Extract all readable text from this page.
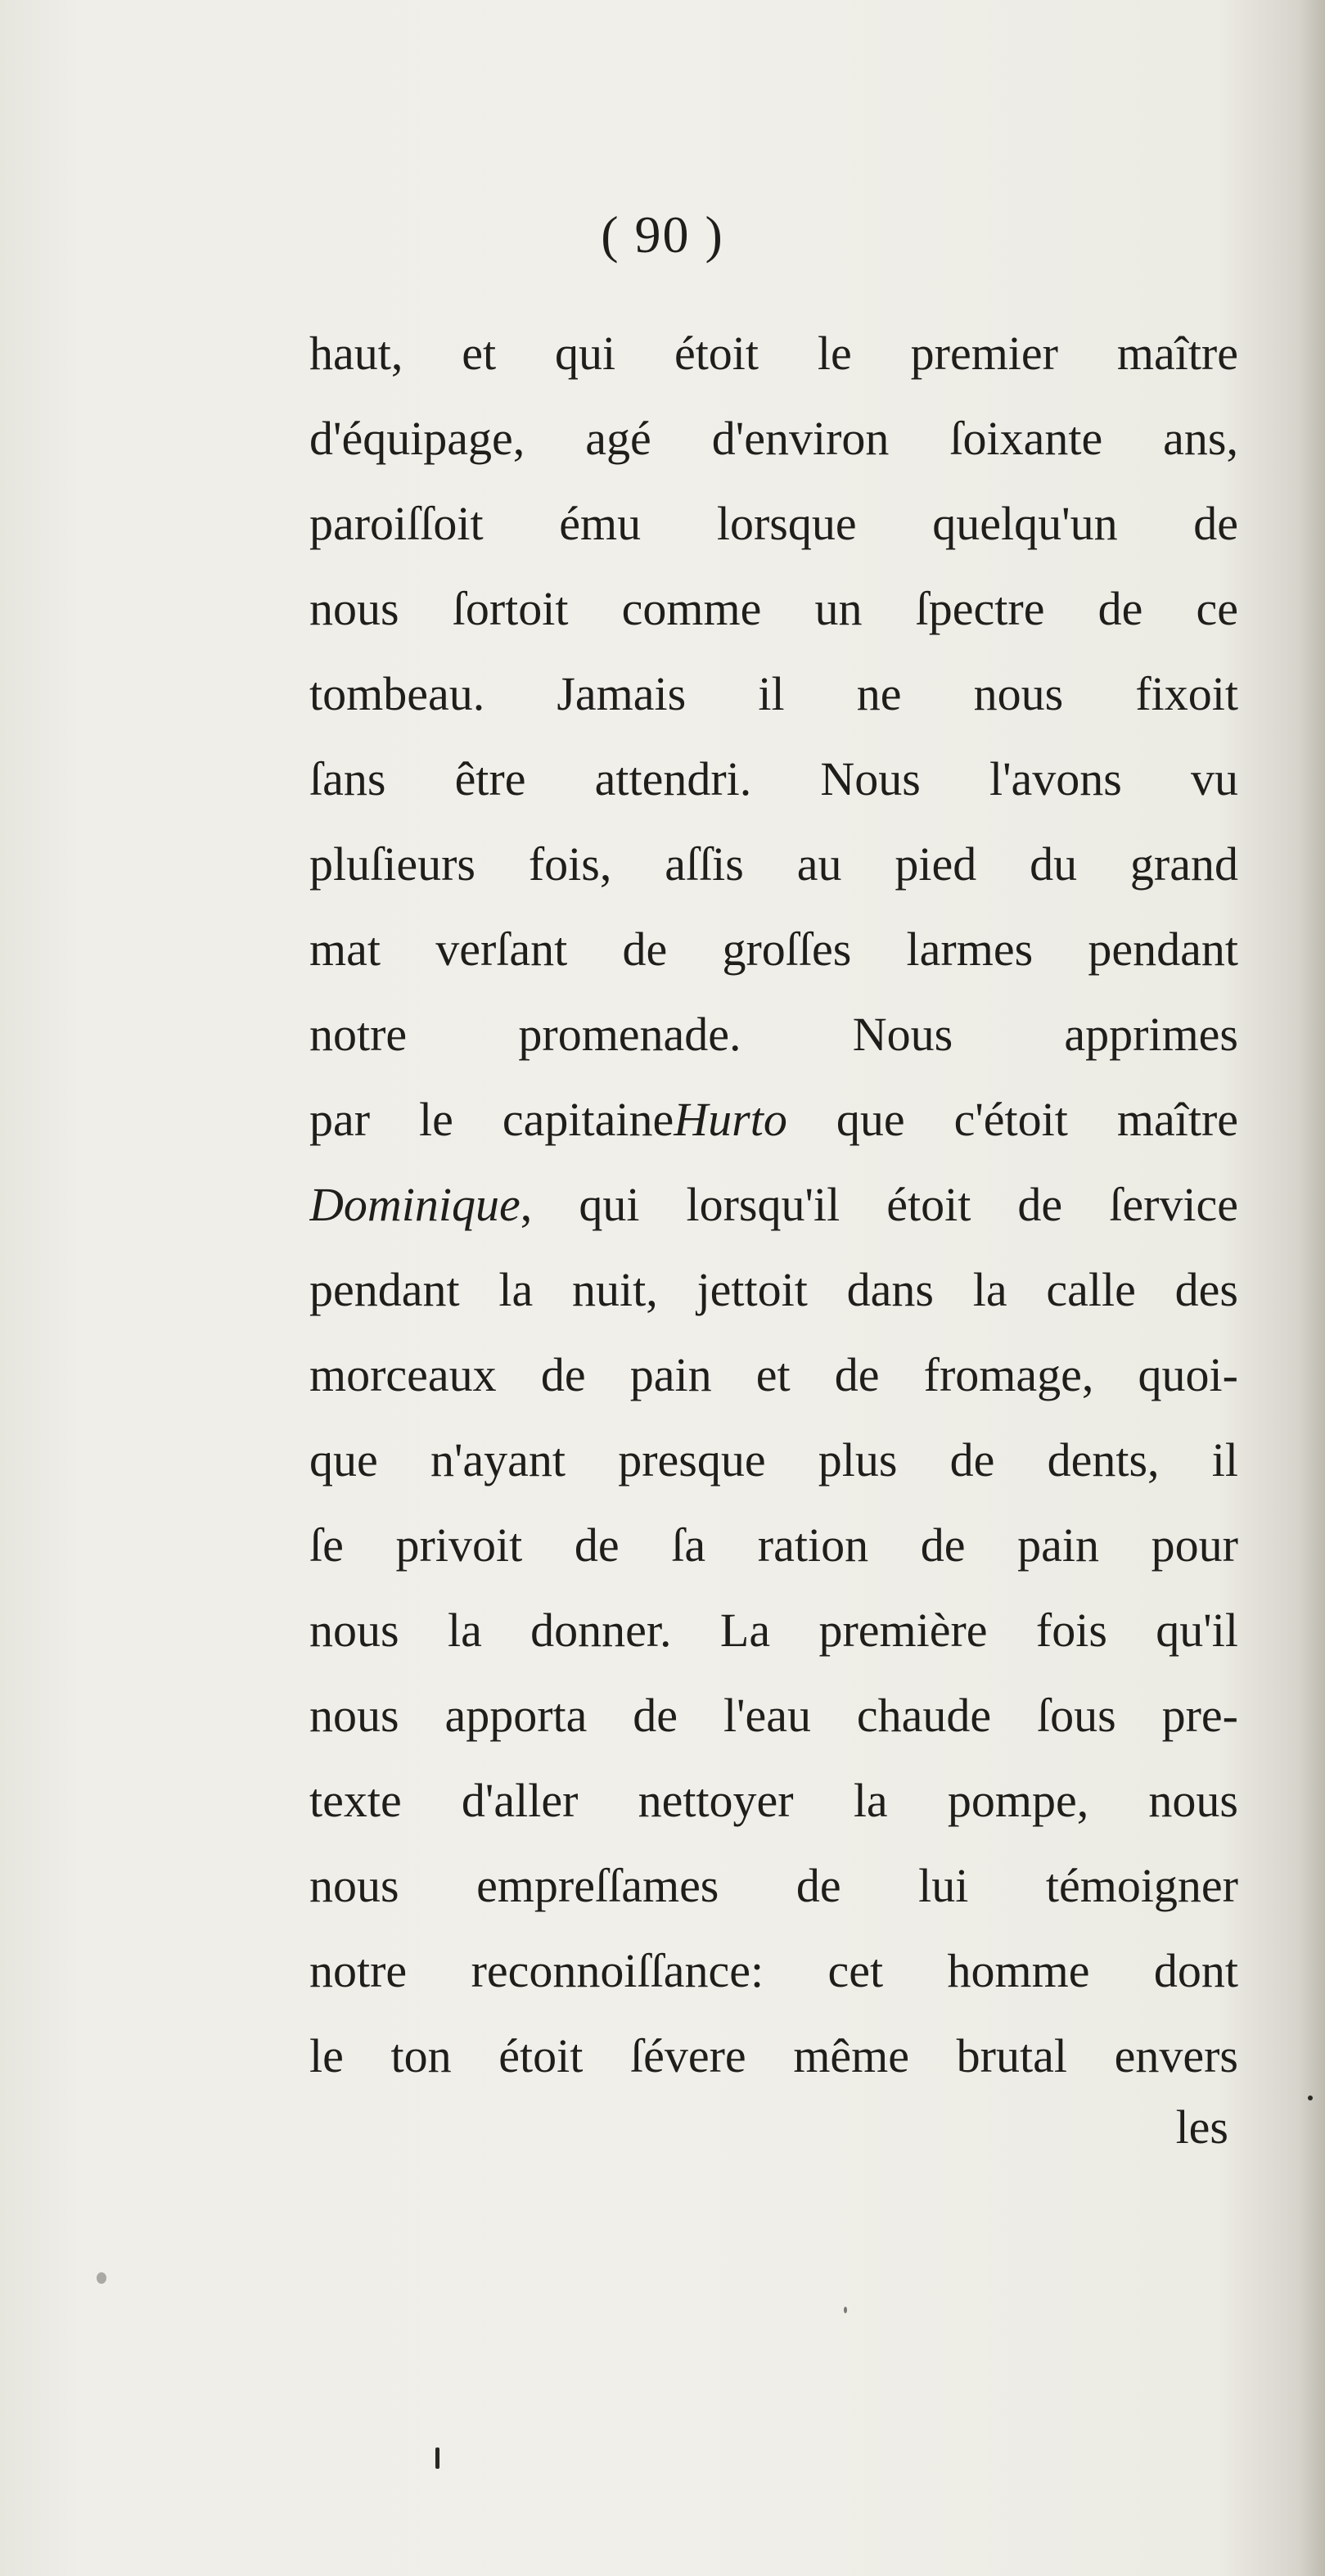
( 90 )
haut, et qui étoit le premier maître
d'équipage, agé d'environ ſoixante ans,
paroiſſoit ému lorsque quelqu'un de
nous ſortoit comme un ſpectre de ce
tombeau. Jamais il ne nous fixoit
ſans être attendri. Nous l'avons vu
pluſieurs fois, aſſis au pied du grand
mat verſant de groſſes larmes pendant
notre promenade. Nous apprimes
par le capitaineHurto que c'étoit maître
Dominique, qui lorsqu'il étoit de ſervice
pendant la nuit, jettoit dans la calle des
morceaux de pain et de fromage, quoi-
que n'ayant presque plus de dents, il
ſe privoit de ſa ration de pain pour
nous la donner. La première fois qu'il
nous apporta de l'eau chaude ſous pre-
texte d'aller nettoyer la pompe, nous
nous empreſſames de lui témoigner
notre reconnoiſſance: cet homme dont
le ton étoit ſévere même brutal envers
les
